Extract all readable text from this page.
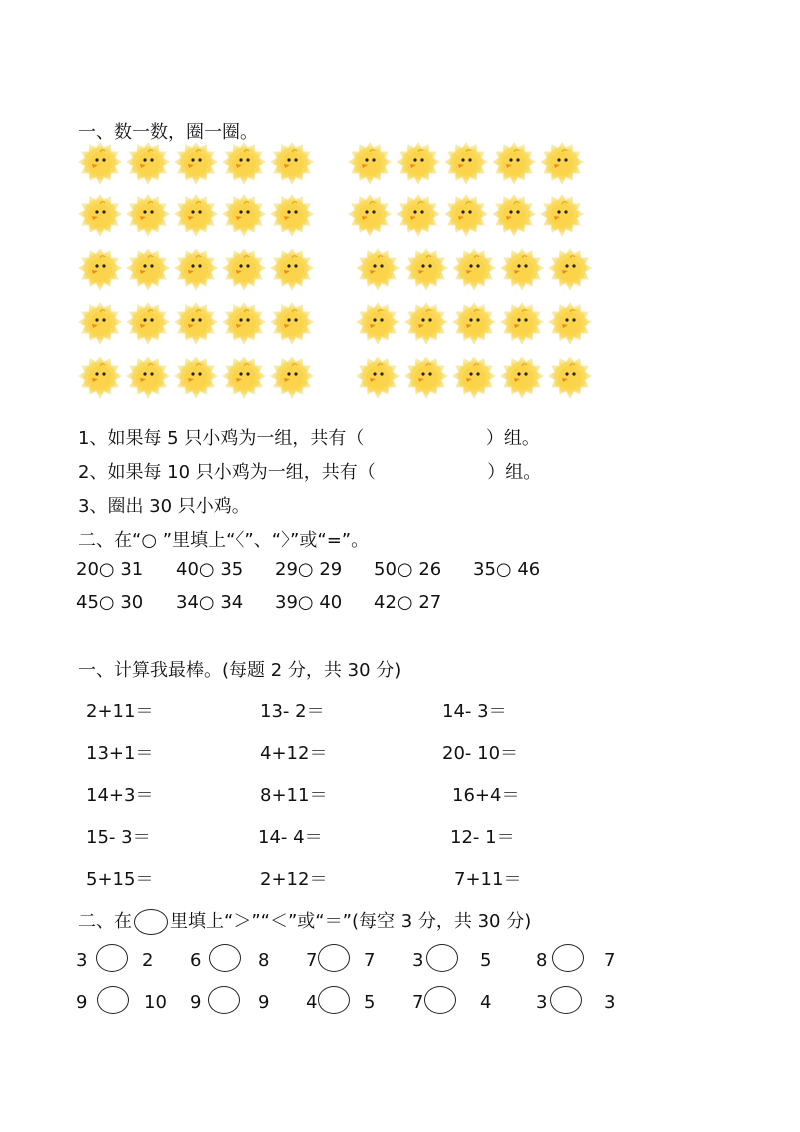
一、数一数，圈一圈。
1、如果每 5 只小鸡为一组，共有（	）组。
2、如果每 10 只小鸡为一组，共有（	）组。
3、圈出 30 只小鸡。
二、在“○ ”里填上“〈”、“〉”或“=”。
20○ 31 40○ 35 29○ 29 50○ 26 35○ 46
45○ 30 34○ 34 39○ 40 42○ 27
一、计算我最棒。(每题 2 分，共 30 分)
2+11＝	13- 2＝	14- 3＝
13+1＝	4+12＝	20- 10＝
14+3＝	8+11＝	16+4＝
15- 3＝	14- 4＝	12- 1＝
5+15＝	2+12＝	7+11＝
二、在 里填上“＞”“＜”或“＝”(每空 3 分，共 30 分)
3	2 6	8 7	7 3	5 8	7
9	10 9	9 4	5 7	4 3	3
